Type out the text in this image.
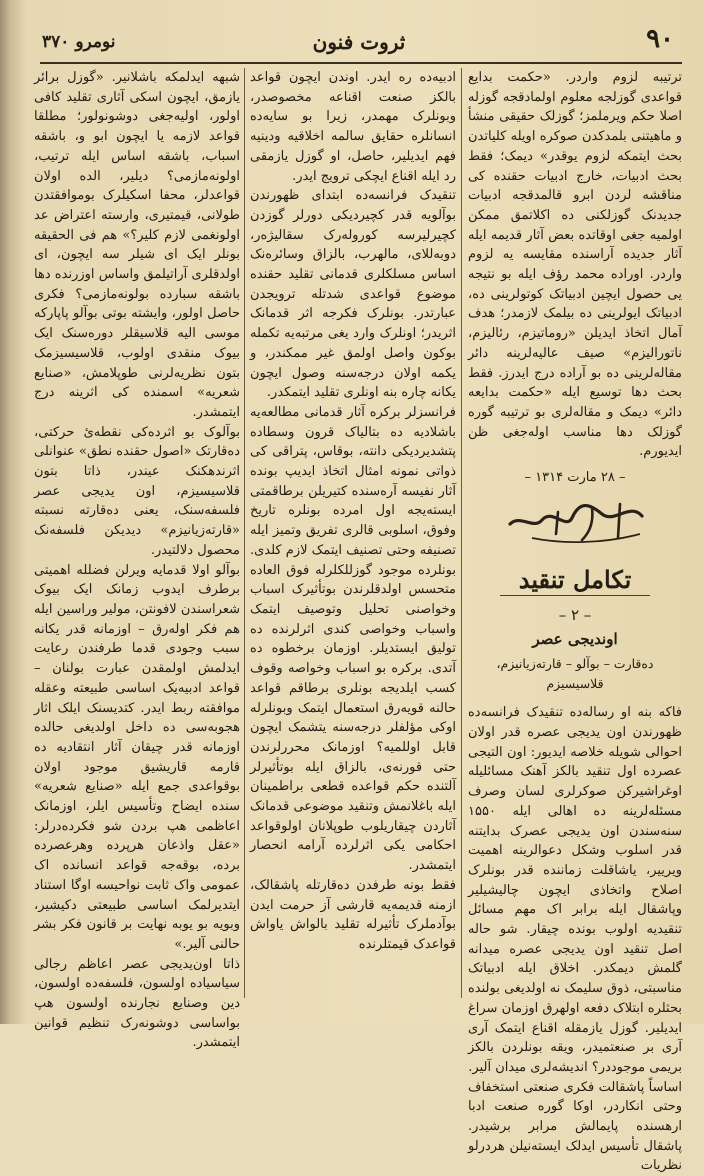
٩٠
ثروت فنون
نومرو ۳۷۰

ترتیبه لزوم واردر. «حکمت بدایع قواعدی گوزلجه معلوم اولمادقجه گوزله اصلا حکم ویرملمز؛ گوزلک حقیقی منشأ و ماهیتنی بلمدکدن صوکره اویله کلیاتدن بحث ایتمکه لزوم یوقدر» دیمک؛ فقط بحث ادبیات، خارج ادبیات حقنده کی مناقشه لردن ابرو قالمدقجه ادبیات جدیدنک گوزلکنی ده اکلاتمق ممکن اولمیه جغی اوقاتده بعض آثار قدیمه ایله آثار جدیده آراسنده مقایسه یه لزوم واردر. اوراده محمد رؤف ایله بو نتیجه یی حصول ایچین ادبیاتک کوتولرینی ده، ادبیاتک ایولرینی ده بیلمک لازمدر؛ هدف آمال اتخاذ ایدیلن «روماتیزم، رئالیزم، ناتورالیزم» صیف عالیه‌لرینه دائر مقاله‌لرینی ده بو آراده درج ایدرز. فقط بحث دها توسیع ایله «حکمت بدایعه دائر» دیمک و مقاله‌لری بو ترتیبه گوره گوزلک دها مناسب اوله‌جغی ظن ایدیورم.

– ۲۸ مارت ۱۳۱۴ –
تکامل تنقید
– ۲ –
اوندیجی عصر
ده‌قارت – بوآلو – قارته‌زیانیزم، قلاسیسیزم

فاکه بنه او رساله‌ده تنقیدک فرانسه‌ده ظهورندن اون یدیجی عصره قدر اولان احوالی شویله خلاصه ایدیور: اون التیجی عصرده اول تنقید بالکز آهنک مسائلیله اوغراشیرکن صوکرلری لسان وصرف مسئله‌لرینه ده اهالی ایله ۱۵۵۰ سنه‌سندن اون یدیجی عصرک بدایتنه قدر اسلوب وشکل دعوالرینه اهمیت ویرییر، یاشاقلت زماننده قدر بونلرک اصلاح واتخاذی ایچون چالیشیلیر وپاشقال ایله برابر اک مهم مسائل تنقیدیه اولوب بونده چیقار. شو حاله اصل تنقید اون یدیجی عصره میدانه گلمش دیمکدر. اخلاق ایله ادبیاتک مناسبتی، ذوق سلیمک نه اولدیغی بولنده بحثلره ابتلاک دفعه اولهرق اوزمان سراغ ایدیلیر. گوزل یازمقله اقناع ایتمک آری آری بر صنعتمیدر، ویقه بونلردن بالکز بریمی موجوددر؟ اندیشه‌لری میدان آلیر.

اساساً پاشقالت فکری صنعتی استخفاف وحتی انکاردر، اوکا گوره صنعت ادبا ارهسنده پایمالش مرابر برشیدر. پاشقال تأسیس ایدلک ایسته‌نیلن هردرلو نظریات

ادبیه‌ده ره ایدر. اوندن ایچون قواعد بالکز صنعت اقناعه مخصوصدر، وبونلرک مهمدر، زیرا بو سایه‌ده انسانلره حقایق سالمه اخلاقیه ودینیه فهم ایدیلیر، حاصل، او گوزل یازمقی رد ایله اقناع ایچکی ترویج ایدر.

تنقیدک فرانسه‌ده ابتدای ظهورندن بوآلویه قدر کچیردیکی دورلر گوزدن کچیرلیرسه کوروله‌رک سقالیژه‌ر، دوبه‌للای، مالهرب، بالزاق وسائره‌نک اساس مسلکلری قدمانی تقلید حقنده موضوع قواعدی شدتله ترویجدن عبارتدر. بونلرک فکرجه اثر قدمانک اثریدر؛ اونلرک وارد یغی مرتبه‌یه تکمله بوکون واصل اولمق غیر ممکندر، و یکمه اولان درجه‌سنه وصول ایچون یکانه چاره بنه اونلری تقلید ایتمکدر.

فرانسزلر برکره آثار قدمانی مطالعه‌یه باشلادیه ده بتالیاک قرون وسطاده پتشدیردیکی دانته، بوقاس، پتراقی کی ذواتی نمونه امثال اتخاذ ایدیپ بونده آثار نفیسه آره‌سنده کتیریلن برطاقمتی ایسته‌یجه اول امرده بونلره تاریخ وفوق، اسلوبی قالری تفریق وتمیز ایله تصنیفه وحتی تصنیف ایتمک لازم کلدی. بونلرده موجود گوزللکلرله فوق العاده متحسس اولدقلرندن بوتأثیرک اسباب وخواصنی تحلیل وتوصیف ایتمک واسباب وخواصی کندی اثرلرنده ده تولیق ایستدیلر. اوزمان برخطوه ده آتدی. برکره بو اسباب وخواصه وقوف کسب ایلدیجه بونلری برطاقم قواعد حالنه قویه‌رق استعمال ایتمک وبونلرله اوکی مؤلفلر درجه‌سنه یتشمک ایچون قابل اوللمیه؟ اوزمانک محررلرندن حتی قورنه‌ی، بالزاق ایله بوتأثیرلر آلتنده حکم قواعده قطعی براطمینان ایله باغلانمش وتنقید موضوعی قدمانک آثاردن چیقاریلوب طوپلانان اولوقواعد احکامی یکی اثرلرده آرامه انحصار ایتمشدر.

فقط بونه طرفدن ده‌قارتله پاشقالک، ازمنه قدیمه‌یه قارشی آز حرمت ایدن بوآدملرک تأثیرله تقلید بالواش یاواش قواعدک قیمتلرنده

شبهه ایدلمکه باشلانیر. «گوزل برائر یازمق، ایچون اسکی آثاری تقلید کافی اولور، اولیه‌جغی دوشونولور؛ مطلقا قواعد لازمه یا ایچون ابو و، باشقه اسباب، باشقه اساس ایله ترتیب، اولونه‌مازمی؟ دیلیر، الده اولان قواعدلر، محفا اسکیلرک بوموافقتدن طولانی، قیمتیری، وارسته اعتراض عد اولونغمی لازم کلیر؟» هم فی الحقیقه بونلر ایک ای شیلر سه ایچون، ای اولدقلری آراتیلمق واساس اوزرنده دها باشقه سبارده بولونه‌مازمی؟ فکری حاصل اولور، وایشته بوتی بوآلو پاپارکه موسی الیه قلاسیقلر دوره‌سنک ایک بیوک منقدی اولوب، قلاسیسیزمک بتون نظریه‌لرنی طوپلامش، «صنایع شعریه» اسمنده کی اثرینه درج ایتمشدر.

بوآلوک بو اثرده‌کی نقطه‌ئ حرکتی، ده‌قارتک «اصول حقنده نطق» عنوانلی اثرندهکنک عیندر، ذاتا بتون قلاسیسیزم، اون یدیجی عصر فلسفه‌سنک، یعنی ده‌قارته نسبته «قارته‌زیانیزم» دیدیکن فلسفه‌نک محصول دلالتیدر.

بوآلو اولا قدمایه ویرلن فضلله اهمیتی برطرف ایدوب زمانک ایک بیوک شعراسندن لافونتن، مولیر وراسین ایله هم فکر اوله‌رق – اوزمانه قدر یکانه سبب وجودی قدما طرفندن رعایت ایدلمش اولمقدن عبارت بولنان – قواعد ادبیه‌یک اساسی طبیعته وعقله موافقته ربط ایدر. کتدیسنک ایلک اثار هجوبه‌سی ده داخل اولدیغی حالده اوزمانه قدر چیقان آثار انتقاد‌یه ده قارمه قاریشیق موجود اولان بوقواعدی جمع ایله «صنایع شعریه» سنده ایضاح وتأسیس ایلر، اوزمانک اعاظمی هپ بردن شو فکرده‌درلر: «عقل واذعان هرپرده وهرعصرده برده، بوقه‌جه قواعد انسانده اک عمومی واک ثابت نواحیسه اوگا استناد ایتدیرلمک اساسی طبیعتی دکیشیر، وبویه بو یوبه نهایت بر قانون فکر بشر حالنی آلیر.»

ذاتا اون‌یدیجی عصر اعاظم رجالی سیاسیاده اولسون، فلسفه‌ده اولسون، دین وصنایع نجارنده اولسون هپ بواساسی دوشونه‌رک تنظیم قوانین ایتمشدر.
